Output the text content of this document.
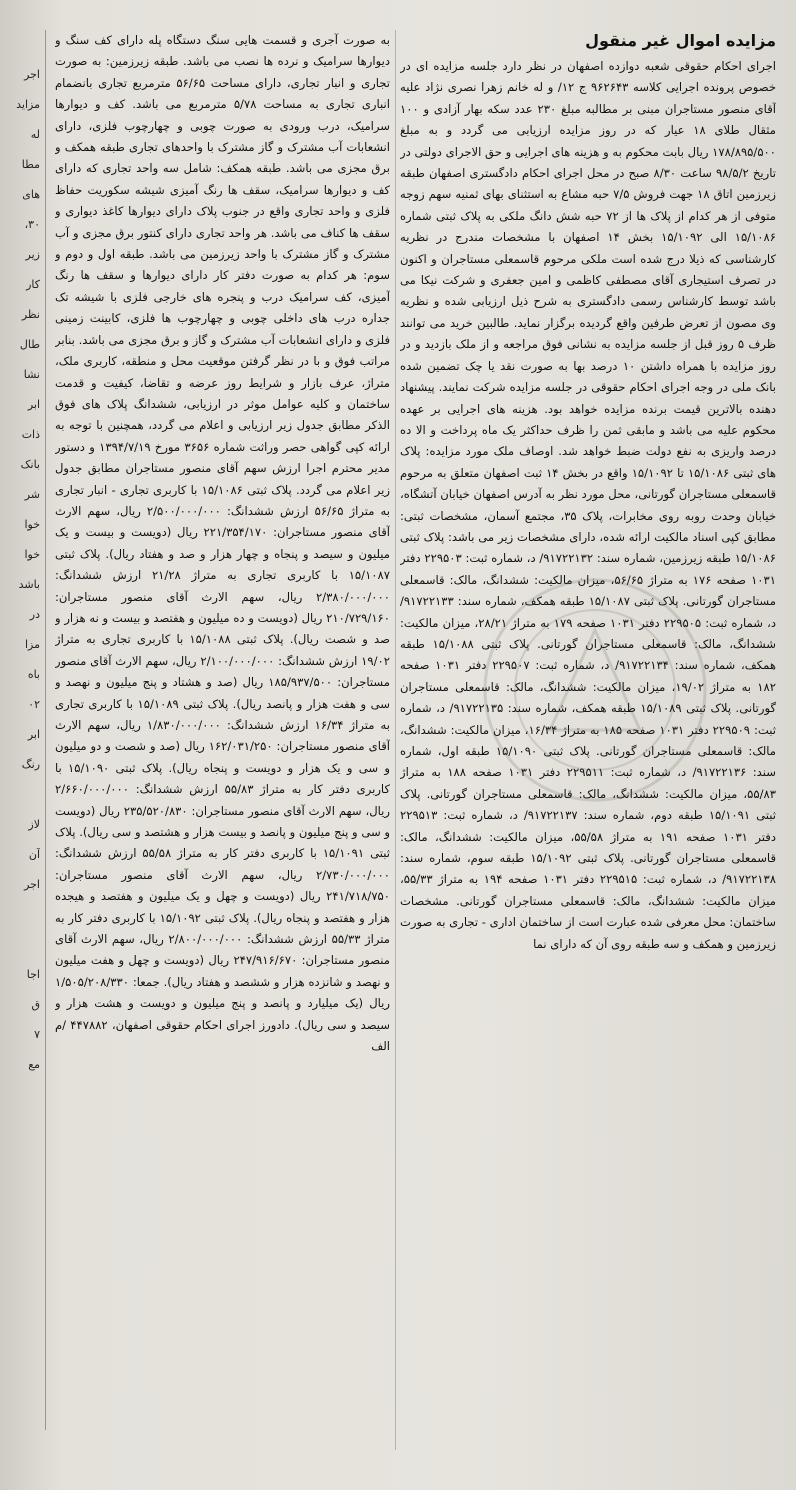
اجر
مزاید
له
مطا
های
۳۰،
زیر
کار
نظر
طال
نشا
ابر
ذات
بانک
شر
خوا
خوا
باشد
در
مزا
باه
۰۲
ابر
رنگ

لاز
آن
اجر

اجا
ق
۷
مع
مزایده اموال غیر منقول

اجرای احکام حقوقی شعبه دوازده اصفهان در نظر دارد جلسه مزایده ای در خصوص پرونده اجرایی کلاسه ۹۶۲۶۴۳ ج ۱۲/ و له خانم زهرا نصری نژاد علیه آقای منصور مستاجران مبنی بر مطالبه مبلغ ۲۳۰ عدد سکه بهار آزادی و ۱۰۰ مثقال طلای ۱۸ عیار که در روز مزایده ارزیابی می گردد و به مبلغ ۱۷۸/۸۹۵/۵۰۰ ریال بابت محکوم به و هزینه های اجرایی و حق الاجرای دولتی در تاریخ ۹۸/۵/۲ ساعت ۸/۳۰ صبح در محل اجرای احکام دادگستری اصفهان طبقه زیرزمین اتاق ۱۸ جهت فروش ۷/۵ حبه مشاع به استثنای بهای ثمنیه سهم زوجه متوفی از هر کدام از پلاک ها از ۷۲ حبه شش دانگ ملکی به پلاک ثبتی شماره ۱۵/۱۰۸۶ الی ۱۵/۱۰۹۲ بخش ۱۴ اصفهان با مشخصات مندرج در نظریه کارشناسی که ذیلا درج شده است ملکی مرحوم قاسمعلی مستاجران و اکنون در تصرف استیجاری آقای مصطفی کاظمی و امین جعفری و شرکت نیکا می باشد توسط کارشناس رسمی دادگستری به شرح ذیل ارزیابی شده و نظریه وی مصون از تعرض طرفین واقع گردیده برگزار نماید. طالبین خرید می توانند ظرف ۵ روز قبل از جلسه مزایده به نشانی فوق مراجعه و از ملک بازدید و در روز مزایده با همراه داشتن ۱۰ درصد بها به صورت نقد یا چک تضمین شده بانک ملی در وجه اجرای احکام حقوقی در جلسه مزایده شرکت نمایند. پیشنهاد دهنده بالاترین قیمت برنده مزایده خواهد بود. هزینه های اجرایی بر عهده محکوم علیه می باشد و مابقی ثمن را ظرف حداکثر یک ماه پرداخت و الا ده درصد واریزی به نفع دولت ضبط خواهد شد. اوصاف ملک مورد مزایده: پلاک های ثبتی ۱۵/۱۰۸۶ تا ۱۵/۱۰۹۲ واقع در بخش ۱۴ ثبت اصفهان متعلق به مرحوم قاسمعلی مستاجران گورتانی، محل مورد نظر به آدرس اصفهان خیابان آتشگاه، خیابان وحدت روبه روی مخابرات، پلاک ۳۵، مجتمع آسمان، مشخصات ثبتی: مطابق کپی اسناد مالکیت ارائه شده، دارای مشخصات زیر می باشد: پلاک ثبتی ۱۵/۱۰۸۶ طبقه زیرزمین، شماره سند: ۹۱۷۲۲۱۳۲/ د، شماره ثبت: ۲۲۹۵۰۳ دفتر ۱۰۳۱ صفحه ۱۷۶ به متراژ ۵۶/۶۵، میزان مالکیت: ششدانگ، مالک: قاسمعلی مستاجران گورتانی. پلاک ثبتی ۱۵/۱۰۸۷ طبقه همکف، شماره سند: ۹۱۷۲۲۱۳۳/ د، شماره ثبت: ۲۲۹۵۰۵ دفتر ۱۰۳۱ صفحه ۱۷۹ به متراژ ۲۸/۲۱، میزان مالکیت: ششدانگ، مالک: قاسمعلی مستاجران گورتانی. پلاک ثبتی ۱۵/۱۰۸۸ طبقه همکف، شماره سند: ۹۱۷۲۲۱۳۴/ د، شماره ثبت: ۲۲۹۵۰۷ دفتر ۱۰۳۱ صفحه ۱۸۲ به متراژ ۱۹/۰۲، میزان مالکیت: ششدانگ، مالک: قاسمعلی مستاجران گورتانی. پلاک ثبتی ۱۵/۱۰۸۹ طبقه همکف، شماره سند: ۹۱۷۲۲۱۳۵/ د، شماره ثبت: ۲۲۹۵۰۹ دفتر ۱۰۳۱ صفحه ۱۸۵ به متراژ ۱۶/۳۴، میزان مالکیت: ششدانگ، مالک: قاسمعلی مستاجران گورتانی. پلاک ثبتی ۱۵/۱۰۹۰ طبقه اول، شماره سند: ۹۱۷۲۲۱۳۶/ د، شماره ثبت: ۲۲۹۵۱۱ دفتر ۱۰۳۱ صفحه ۱۸۸ به متراژ ۵۵/۸۳، میزان مالکیت: ششدانگ، مالک: قاسمعلی مستاجران گورتانی. پلاک ثبتی ۱۵/۱۰۹۱ طبقه دوم، شماره سند: ۹۱۷۲۲۱۳۷/ د، شماره ثبت: ۲۲۹۵۱۳ دفتر ۱۰۳۱ صفحه ۱۹۱ به متراژ ۵۵/۵۸، میزان مالکیت: ششدانگ، مالک: قاسمعلی مستاجران گورتانی. پلاک ثبتی ۱۵/۱۰۹۲ طبقه سوم، شماره سند: ۹۱۷۲۲۱۳۸/ د، شماره ثبت: ۲۲۹۵۱۵ دفتر ۱۰۳۱ صفحه ۱۹۴ به متراژ ۵۵/۳۳، میزان مالکیت: ششدانگ، مالک: قاسمعلی مستاجران گورتانی. مشخصات ساختمان: محل معرفی شده عبارت است از ساختمان اداری - تجاری به صورت زیرزمین و همکف و سه طبقه روی آن که دارای نما

به صورت آجری و قسمت هایی سنگ دستگاه پله دارای کف سنگ و دیوارها سرامیک و نرده ها نصب می باشد. طبقه زیرزمین: به صورت تجاری و انبار تجاری، دارای مساحت ۵۶/۶۵ مترمربع تجاری بانضمام انباری تجاری به مساحت ۵/۷۸ مترمربع می باشد. کف و دیوارها سرامیک، درب ورودی به صورت چوبی و چهارچوب فلزی، دارای انشعابات آب مشترک و گاز مشترک با واحدهای تجاری طبقه همکف و برق مجزی می باشد. طبقه همکف: شامل سه واحد تجاری که دارای کف و دیوارها سرامیک، سقف ها رنگ آمیزی شیشه سکوریت حفاظ فلزی و واحد تجاری واقع در جنوب پلاک دارای دیوارها کاغذ دیواری و سقف ها کناف می باشد. هر واحد تجاری دارای کنتور برق مجزی و آب مشترک و گاز مشترک با واحد زیرزمین می باشد. طبقه اول و دوم و سوم: هر کدام به صورت دفتر کار دارای دیوارها و سقف ها رنگ آمیزی، کف سرامیک درب و پنجره های خارجی فلزی با شیشه تک جداره درب های داخلی چوبی و چهارچوب ها فلزی، کابینت زمینی فلزی و دارای انشعابات آب مشترک و گاز و برق مجزی می باشد. بنابر مراتب فوق و با در نظر گرفتن موقعیت محل و منطقه، کاربری ملک، متراژ، عرف بازار و شرایط روز عرضه و تقاضا، کیفیت و قدمت ساختمان و کلیه عوامل موثر در ارزیابی، ششدانگ پلاک های فوق الذکر مطابق جدول زیر ارزیابی و اعلام می گردد، همچنین با توجه به ارائه کپی گواهی حصر وراثت شماره ۳۶۵۶ مورخ ۱۳۹۴/۷/۱۹ و دستور مدیر محترم اجرا ارزش سهم آقای منصور مستاجران مطابق جدول زیر اعلام می گردد. پلاک ثبتی ۱۵/۱۰۸۶ با کاربری تجاری - انبار تجاری به متراژ ۵۶/۶۵ ارزش ششدانگ: ۲/۵۰۰/۰۰۰/۰۰۰ ریال، سهم الارث آقای منصور مستاجران: ۲۲۱/۳۵۴/۱۷۰ ریال (دویست و بیست و یک میلیون و سیصد و پنجاه و چهار هزار و صد و هفتاد ریال). پلاک ثبتی ۱۵/۱۰۸۷ با کاربری تجاری به متراژ ۲۱/۲۸ ارزش ششدانگ: ۲/۳۸۰/۰۰۰/۰۰۰ ریال، سهم الارث آقای منصور مستاجران: ۲۱۰/۷۲۹/۱۶۰ ریال (دویست و ده میلیون و هفتصد و بیست و نه هزار و صد و شصت ریال). پلاک ثبتی ۱۵/۱۰۸۸ با کاربری تجاری به متراژ ۱۹/۰۲ ارزش ششدانگ: ۲/۱۰۰/۰۰۰/۰۰۰ ریال، سهم الارث آقای منصور مستاجران: ۱۸۵/۹۳۷/۵۰۰ ریال (صد و هشتاد و پنج میلیون و نهصد و سی و هفت هزار و پانصد ریال). پلاک ثبتی ۱۵/۱۰۸۹ با کاربری تجاری به متراژ ۱۶/۳۴ ارزش ششدانگ: ۱/۸۳۰/۰۰۰/۰۰۰ ریال، سهم الارث آقای منصور مستاجران: ۱۶۲/۰۳۱/۲۵۰ ریال (صد و شصت و دو میلیون و سی و یک هزار و دویست و پنجاه ریال). پلاک ثبتی ۱۵/۱۰۹۰ با کاربری دفتر کار به متراژ ۵۵/۸۳ ارزش ششدانگ: ۲/۶۶۰/۰۰۰/۰۰۰ ریال، سهم الارث آقای منصور مستاجران: ۲۳۵/۵۲۰/۸۳۰ ریال (دویست و سی و پنج میلیون و پانصد و بیست هزار و هشتصد و سی ریال). پلاک ثبتی ۱۵/۱۰۹۱ با کاربری دفتر کار به متراژ ۵۵/۵۸ ارزش ششدانگ: ۲/۷۳۰/۰۰۰/۰۰۰ ریال، سهم الارث آقای منصور مستاجران: ۲۴۱/۷۱۸/۷۵۰ ریال (دویست و چهل و یک میلیون و هفتصد و هیجده هزار و هفتصد و پنجاه ریال). پلاک ثبتی ۱۵/۱۰۹۲ با کاربری دفتر کار به متراژ ۵۵/۳۳ ارزش ششدانگ: ۲/۸۰۰/۰۰۰/۰۰۰ ریال، سهم الارث آقای منصور مستاجران: ۲۴۷/۹۱۶/۶۷۰ ریال (دویست و چهل و هفت میلیون و نهصد و شانزده هزار و ششصد و هفتاد ریال). جمعا: ۱/۵۰۵/۲۰۸/۳۳۰ ریال (یک میلیارد و پانصد و پنج میلیون و دویست و هشت هزار و سیصد و سی ریال). دادورز اجرای احکام حقوقی اصفهان، ۴۴۷۸۸۲ /م الف
